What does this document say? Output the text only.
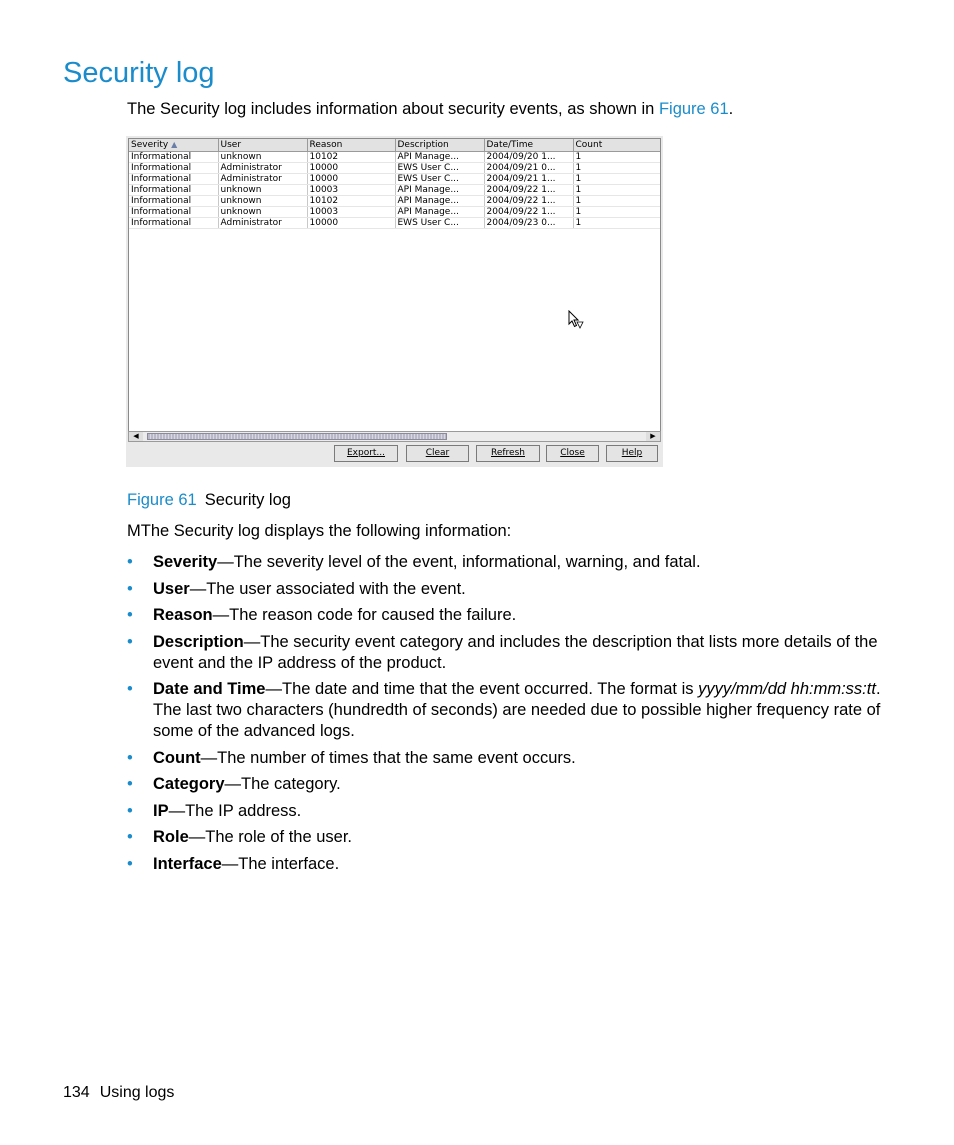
Security log

The Security log includes information about security events, as shown in Figure 61.

Severity ▲	User	Reason	Description	Date/Time	Count
Informational	unknown	10102	API Manage...	2004/09/20 1...	1
Informational	Administrator	10000	EWS User C...	2004/09/21 0...	1
Informational	Administrator	10000	EWS User C...	2004/09/21 1...	1
Informational	unknown	10003	API Manage...	2004/09/22 1...	1
Informational	unknown	10102	API Manage...	2004/09/22 1...	1
Informational	unknown	10003	API Manage...	2004/09/22 1...	1
Informational	Administrator	10000	EWS User C...	2004/09/23 0...	1
◀	▶
Export...	Clear	Refresh	Close	Help

Figure 61 Security log

MThe Security log displays the following information:

• Severity—The severity level of the event, informational, warning, and fatal.
• User—The user associated with the event.
• Reason—The reason code for caused the failure.
• Description—The security event category and includes the description that lists more details of the event and the IP address of the product.
• Date and Time—The date and time that the event occurred. The format is yyyy/mm/dd hh:mm:ss:tt. The last two characters (hundredth of seconds) are needed due to possible higher frequency rate of some of the advanced logs.
• Count—The number of times that the same event occurs.
• Category—The category.
• IP—The IP address.
• Role—The role of the user.
• Interface—The interface.

134 Using logs
